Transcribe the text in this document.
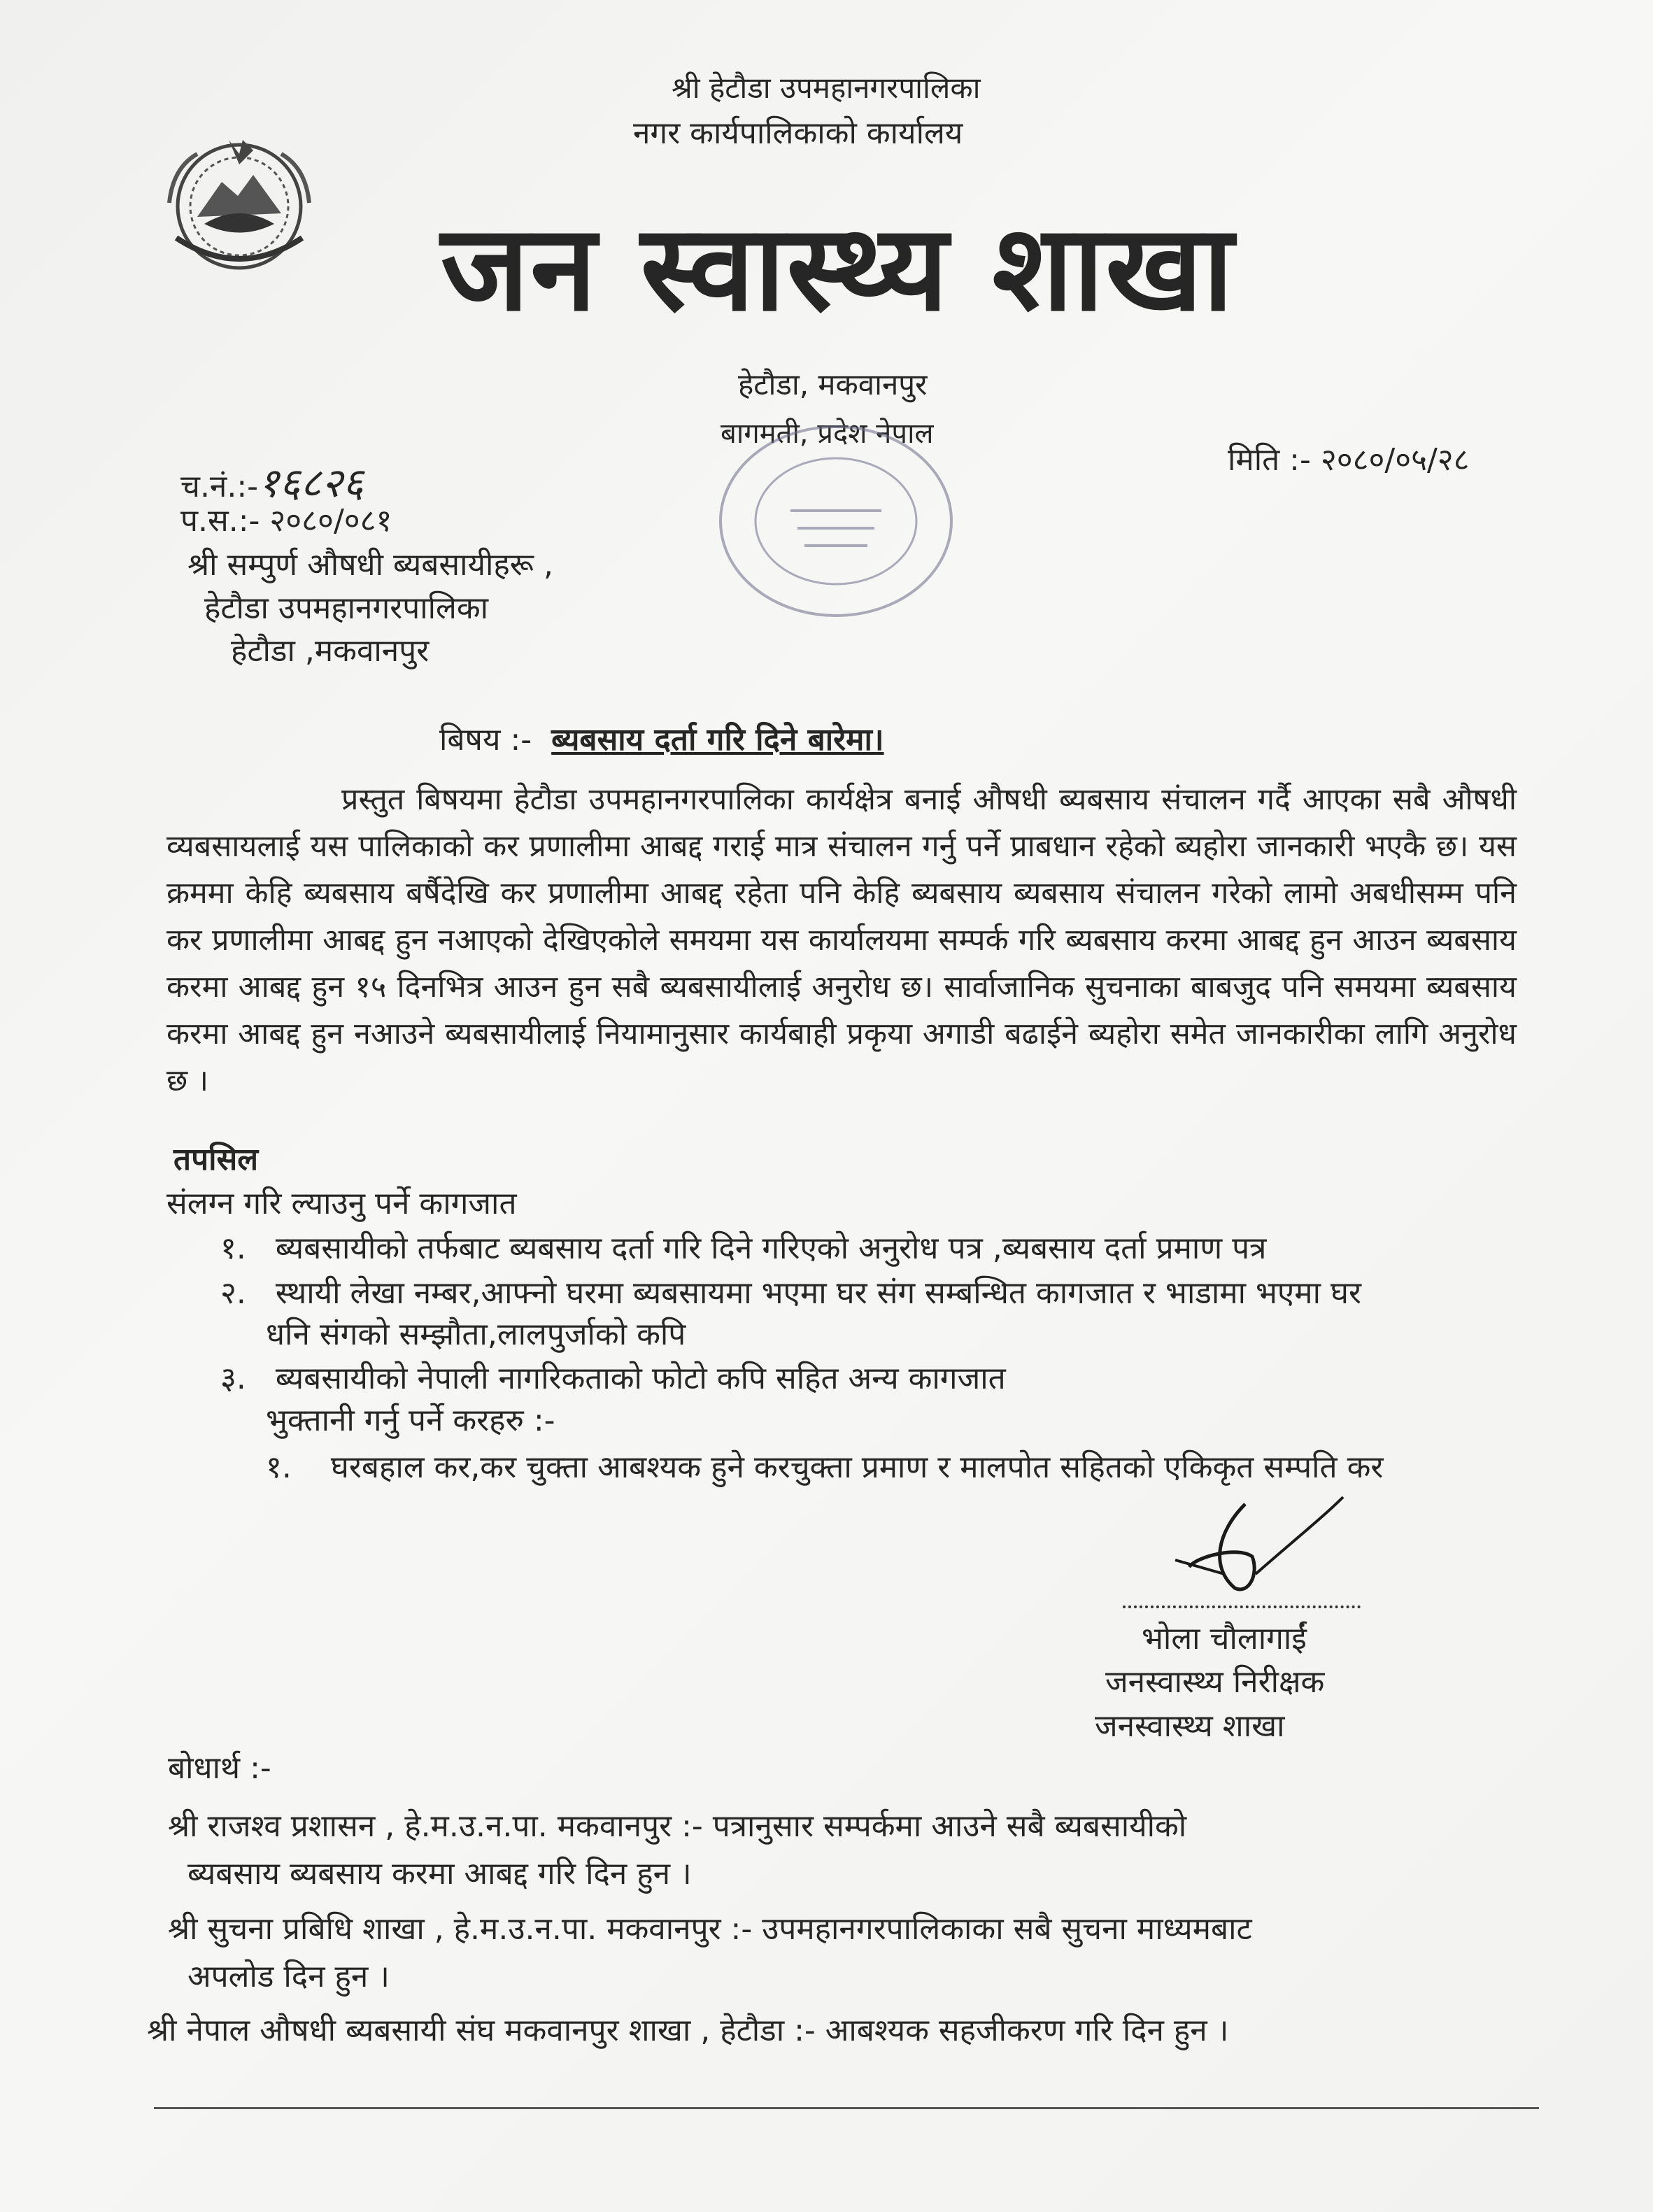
श्री हेटौडा उपमहानगरपालिका
नगर कार्यपालिकाको कार्यालय
जन स्वास्थ्य शाखा
हेटौडा, मकवानपुर
बागमती, प्रदेश नेपाल
मिति :- २०८०/०५/२८
च.नं.:-१६८२६
प.स.:- २०८०/०८१
श्री सम्पुर्ण औषधी ब्यबसायीहरू ,
हेटौडा उपमहानगरपालिका
हेटौडा ,मकवानपुर
बिषय :- ब्यबसाय दर्ता गरि दिने बारेमा।

प्रस्तुत बिषयमा हेटौडा उपमहानगरपालिका कार्यक्षेत्र बनाई औषधी ब्यबसाय संचालन गर्दै आएका सबै औषधी व्यबसायलाई यस पालिकाको कर प्रणालीमा आबद्द गराई मात्र संचालन गर्नु पर्ने प्राबधान रहेको ब्यहोरा जानकारी भएकै छ। यस क्रममा केहि ब्यबसाय बर्षैदेखि कर प्रणालीमा आबद्द रहेता पनि केहि ब्यबसाय ब्यबसाय संचालन गरेको लामो अबधीसम्म पनि कर प्रणालीमा आबद्द हुन नआएको देखिएकोले समयमा यस कार्यालयमा सम्पर्क गरि ब्यबसाय करमा आबद्द हुन आउन ब्यबसाय करमा आबद्द हुन १५ दिनभित्र आउन हुन सबै ब्यबसायीलाई अनुरोध छ। सार्वाजानिक सुचनाका बाबजुद पनि समयमा ब्यबसाय करमा आबद्द हुन नआउने ब्यबसायीलाई नियामानुसार कार्यबाही प्रकृया अगाडी बढाईने ब्यहोरा समेत जानकारीका लागि अनुरोध छ ।

तपसिल
संलग्न गरि ल्याउनु पर्ने कागजात
१. ब्यबसायीको तर्फबाट ब्यबसाय दर्ता गरि दिने गरिएको अनुरोध पत्र ,ब्यबसाय दर्ता प्रमाण पत्र
२. स्थायी लेखा नम्बर,आफ्नो घरमा ब्यबसायमा भएमा घर संग सम्बन्धित कागजात र भाडामा भएमा घर
धनि संगको सम्झौता,लालपुर्जाको कपि
३. ब्यबसायीको नेपाली नागरिकताको फोटो कपि सहित अन्य कागजात
भुक्तानी गर्नु पर्ने करहरु :-
१. घरबहाल कर,कर चुक्ता आबश्यक हुने करचुक्ता प्रमाण र मालपोत सहितको एकिकृत सम्पति कर
भोला चौलागाईं
जनस्वास्थ्य निरीक्षक
जनस्वास्थ्य शाखा
बोधार्थ :-
श्री राजश्व प्रशासन , हे.म.उ.न.पा. मकवानपुर :- पत्रानुसार सम्पर्कमा आउने सबै ब्यबसायीको
ब्यबसाय ब्यबसाय करमा आबद्द गरि दिन हुन ।
श्री सुचना प्रबिधि शाखा , हे.म.उ.न.पा. मकवानपुर :- उपमहानगरपालिकाका सबै सुचना माध्यमबाट
अपलोड दिन हुन ।
श्री नेपाल औषधी ब्यबसायी संघ मकवानपुर शाखा , हेटौडा :- आबश्यक सहजीकरण गरि दिन हुन ।
